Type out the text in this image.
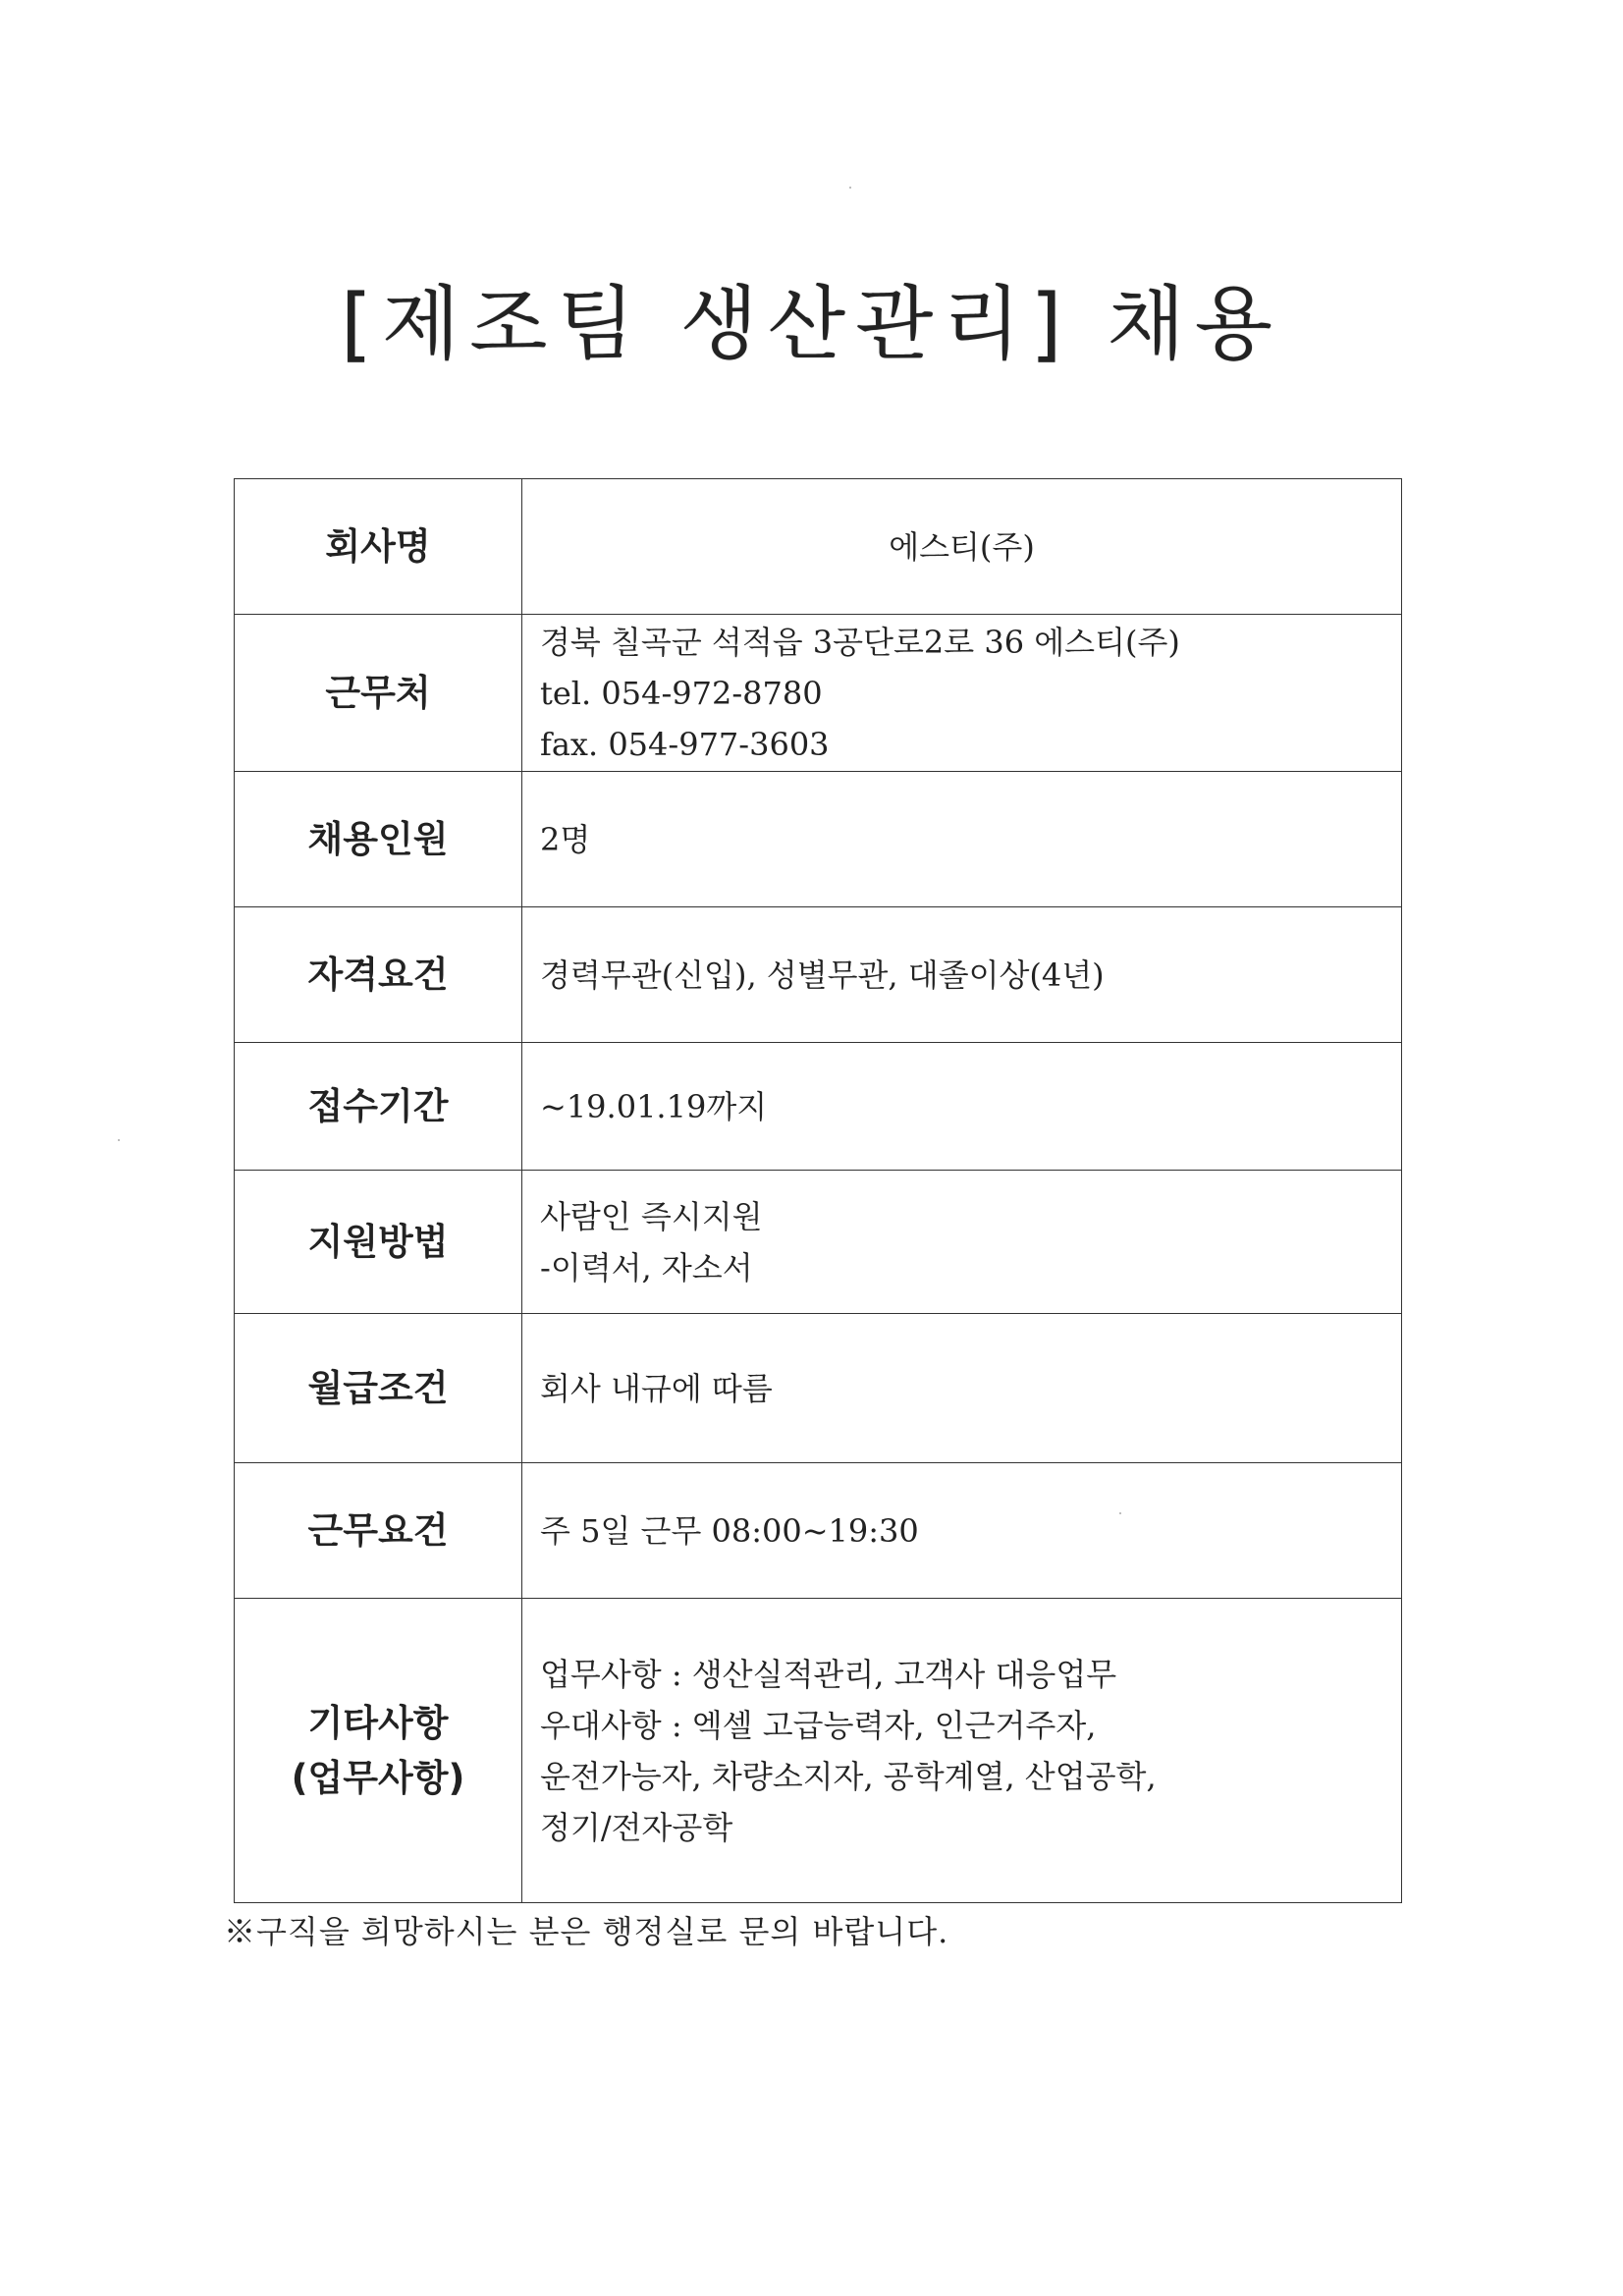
[제조팀 생산관리] 채용
회사명	에스티(주)

근무처	경북 칠곡군 석적읍 3공단로2로 36 에스티(주)
tel. 054-972-8780
fax. 054-977-3603

채용인원	2명

자격요건	경력무관(신입), 성별무관, 대졸이상(4년)

접수기간	~19.01.19까지

지원방법	사람인 즉시지원
-이력서, 자소서

월급조건	회사 내규에 따름

근무요건	주 5일 근무 08:00~19:30

기타사항
(업무사항)	업무사항 : 생산실적관리, 고객사 대응업무
우대사항 : 엑셀 고급능력자, 인근거주자,
운전가능자, 차량소지자, 공학계열, 산업공학,
정기/전자공학
※구직을 희망하시는 분은 행정실로 문의 바랍니다.
